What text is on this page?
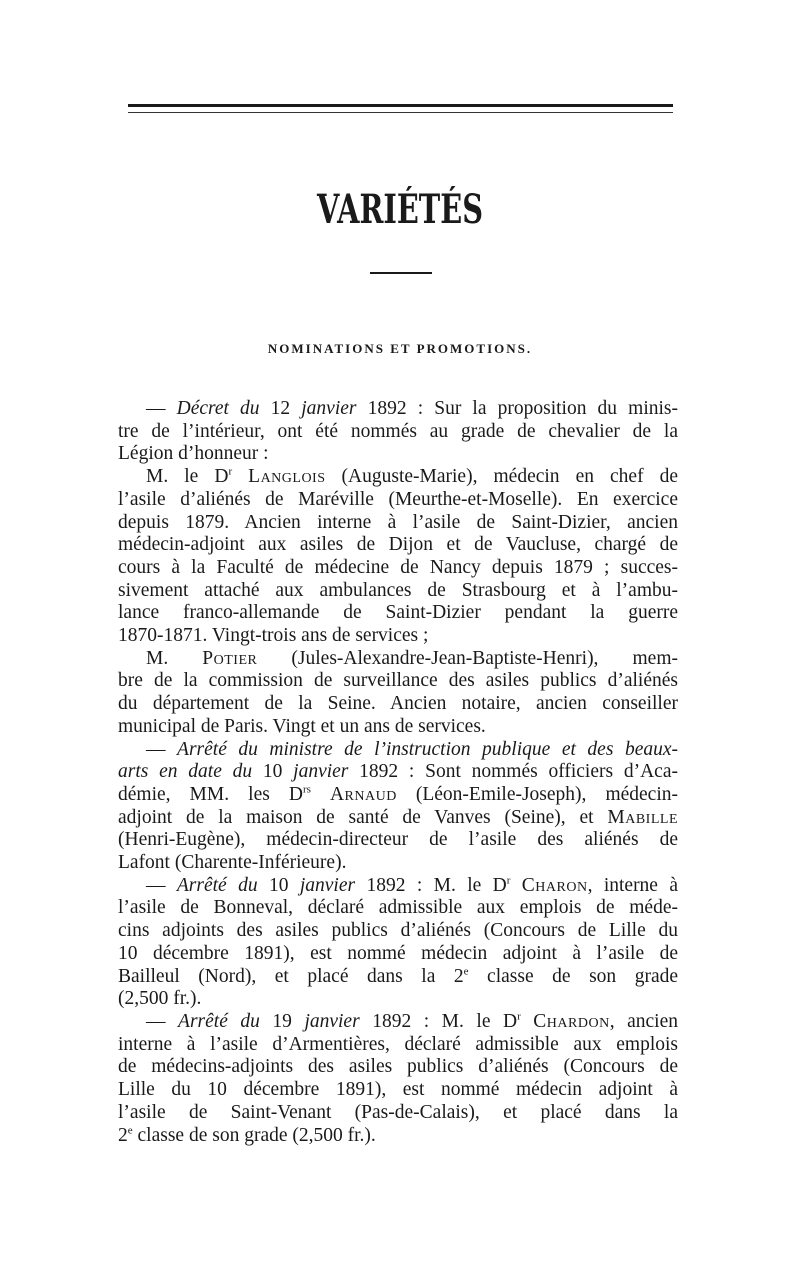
VARIÉTÉS
NOMINATIONS ET PROMOTIONS.
— Décret du 12 janvier 1892 : Sur la proposition du minis-
tre de l’intérieur, ont été nommés au grade de chevalier de la
Légion d’honneur :
M. le $D^r$ Langlois (Auguste-Marie), médecin en chef de
l’asile d’aliénés de Maréville (Meurthe-et-Moselle). En exercice
depuis 1879. Ancien interne à l’asile de Saint-Dizier, ancien
médecin-adjoint aux asiles de Dijon et de Vaucluse, chargé de
cours à la Faculté de médecine de Nancy depuis 1879 ; succes-
sivement attaché aux ambulances de Strasbourg et à l’ambu-
lance franco-allemande de Saint-Dizier pendant la guerre
1870-1871. Vingt-trois ans de services ;
M. Potier (Jules-Alexandre-Jean-Baptiste-Henri), mem-
bre de la commission de surveillance des asiles publics d’aliénés
du département de la Seine. Ancien notaire, ancien conseiller
municipal de Paris. Vingt et un ans de services.
— Arrêté du ministre de l’instruction publique et des beaux-
arts en date du 10 janvier 1892 : Sont nommés officiers d’Aca-
démie, MM. les $D^{rs}$ Arnaud (Léon-Emile-Joseph), médecin-
adjoint de la maison de santé de Vanves (Seine), et Mabille
(Henri-Eugène), médecin-directeur de l’asile des aliénés de
Lafont (Charente-Inférieure).
— Arrêté du 10 janvier 1892 : M. le $D^r$ Charon, interne à
l’asile de Bonneval, déclaré admissible aux emplois de méde-
cins adjoints des asiles publics d’aliénés (Concours de Lille du
10 décembre 1891), est nommé médecin adjoint à l’asile de
Bailleul (Nord), et placé dans la 2e classe de son grade
(2,500 fr.).
— Arrêté du 19 janvier 1892 : M. le $D^r$ Chardon, ancien
interne à l’asile d’Armentières, déclaré admissible aux emplois
de médecins-adjoints des asiles publics d’aliénés (Concours de
Lille du 10 décembre 1891), est nommé médecin adjoint à
l’asile de Saint-Venant (Pas-de-Calais), et placé dans la
2e classe de son grade (2,500 fr.).
